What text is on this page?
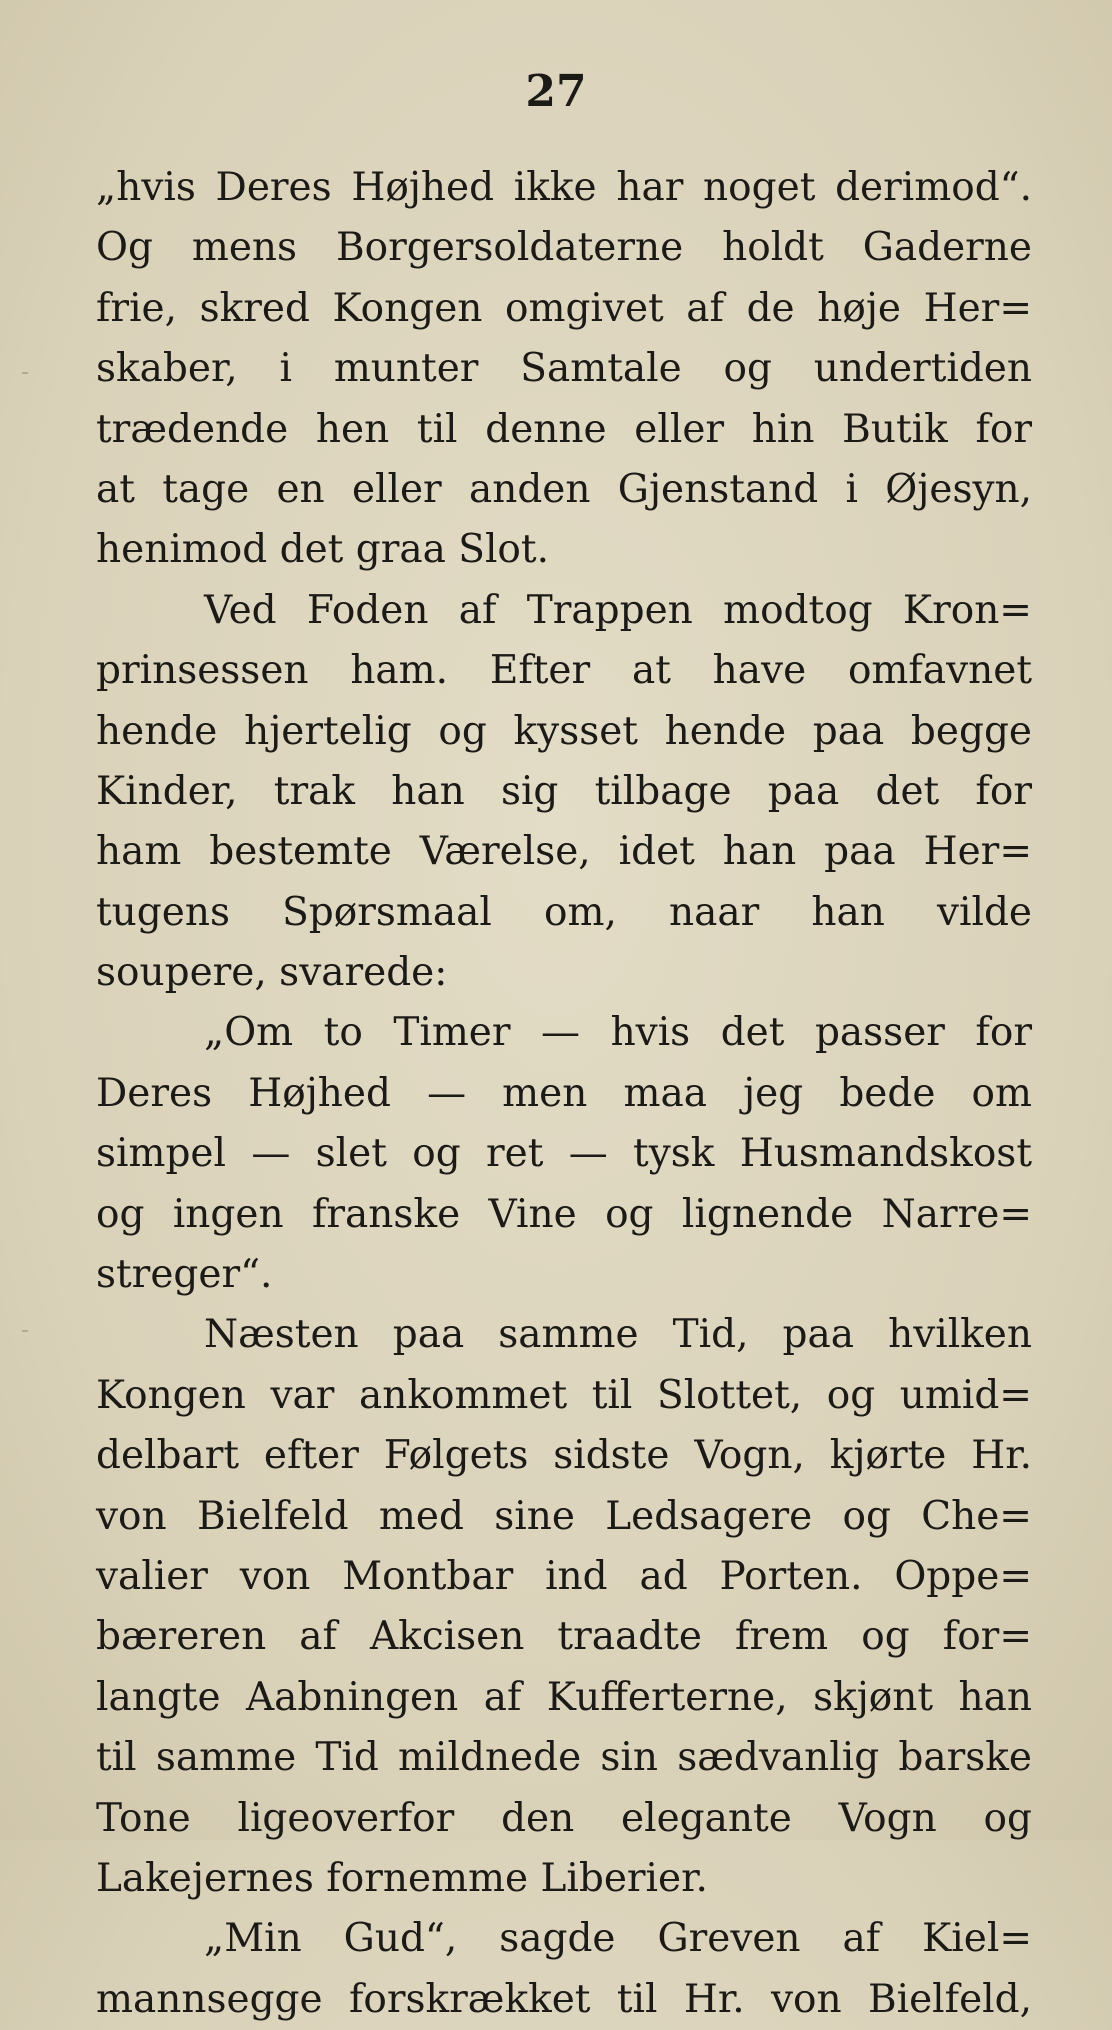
27
„hvis Deres Højhed ikke har noget derimod“.
Og mens Borgersoldaterne holdt Gaderne
frie, skred Kongen omgivet af de høje Her=
skaber, i munter Samtale og undertiden
trædende hen til denne eller hin Butik for
at tage en eller anden Gjenstand i Øjesyn,
henimod det graa Slot.
Ved Foden af Trappen modtog Kron=
prinsessen ham. Efter at have omfavnet
hende hjertelig og kysset hende paa begge
Kinder, trak han sig tilbage paa det for
ham bestemte Værelse, idet han paa Her=
tugens Spørsmaal om, naar han vilde
soupere, svarede:
„Om to Timer — hvis det passer for
Deres Højhed — men maa jeg bede om
simpel — slet og ret — tysk Husmandskost
og ingen franske Vine og lignende Narre=
streger“.
Næsten paa samme Tid, paa hvilken
Kongen var ankommet til Slottet, og umid=
delbart efter Følgets sidste Vogn, kjørte Hr.
von Bielfeld med sine Ledsagere og Che=
valier von Montbar ind ad Porten. Oppe=
bæreren af Akcisen traadte frem og for=
langte Aabningen af Kufferterne, skjønt han
til samme Tid mildnede sin sædvanlig barske
Tone ligeoverfor den elegante Vogn og
Lakejernes fornemme Liberier.
„Min Gud“, sagde Greven af Kiel=
mannsegge forskrækket til Hr. von Bielfeld,
